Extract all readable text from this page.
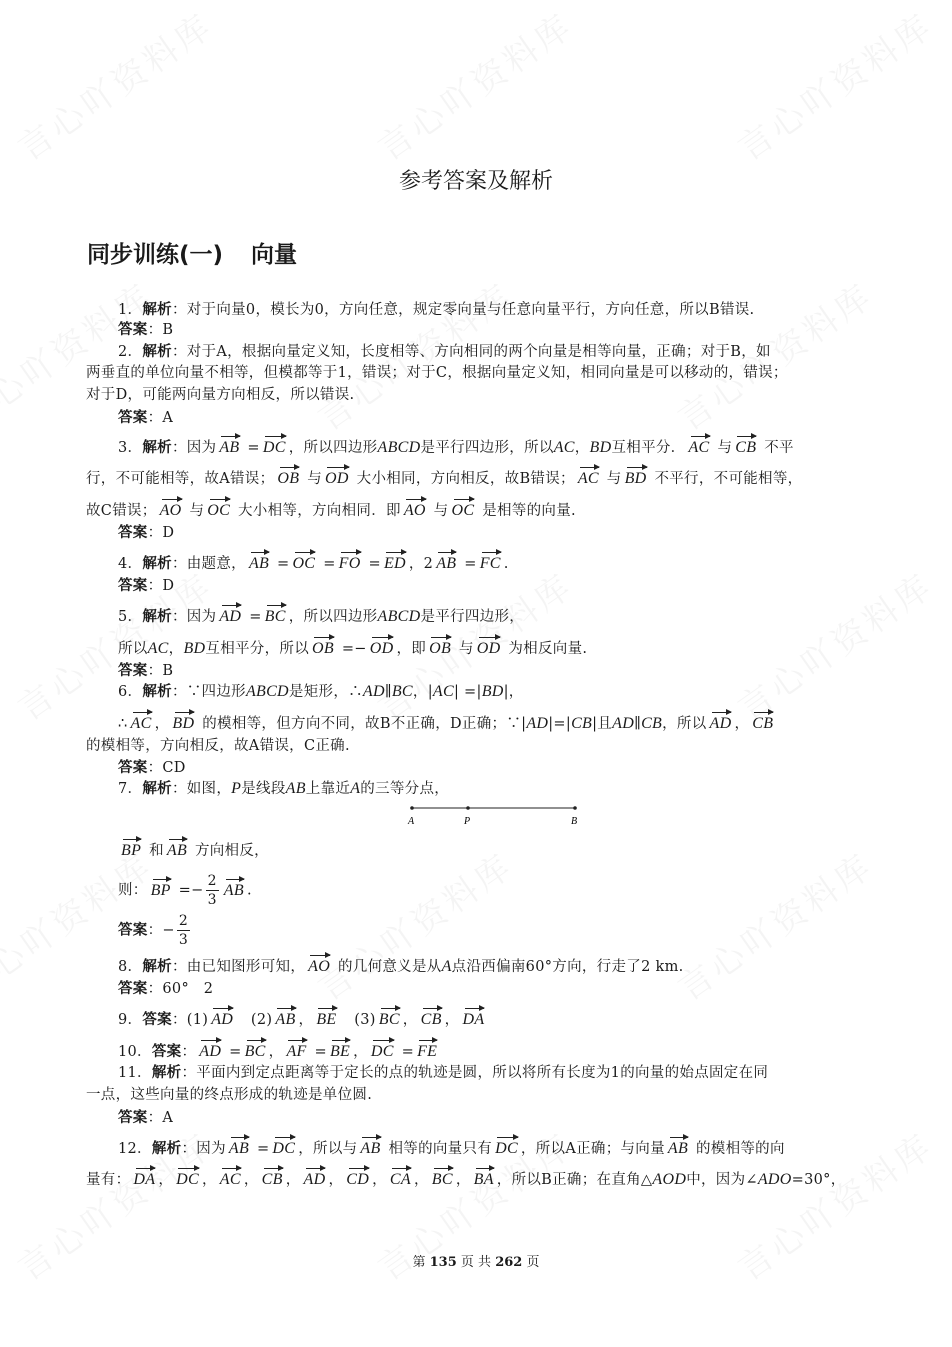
参考答案及解析
同步训练(一) 向量
1．解析：对于向量0，模长为0，方向任意，规定零向量与任意向量平行，方向任意，所以B错误.
答案：B
2．解析：对于A，根据向量定义知，长度相等、方向相同的两个向量是相等向量，正确；对于B，如
两垂直的单位向量不相等，但模都等于1，错误；对于C，根据向量定义知，相同向量是可以移动的，错误；
对于D，可能两向量方向相反，所以错误.
答案：A
3．解析：因为 AB = DC ，所以四边形ABCD是平行四边形，所以AC，BD互相平分． AC 与 CB 不平
行，不可能相等，故A错误； OB 与 OD 大小相同，方向相反，故B错误； AC 与 BD 不平行，不可能相等，
故C错误； AO 与 OC 大小相等，方向相同．即 AO 与 OC 是相等的向量.
答案：D
4．解析：由题意， AB = OC = FO = ED ，2 AB = FC .
答案：D
5．解析：因为 AD = BC ，所以四边形ABCD是平行四边形，
所以AC，BD互相平分，所以 OB =− OD ，即 OB 与 OD 为相反向量.
答案：B
6．解析：∵四边形ABCD是矩形，∴AD∥BC，|AC| =|BD|，
∴ AC ， BD 的模相等，但方向不同，故B不正确，D正确；∵|AD|=|CB|且AD∥CB，所以 AD ， CB
的模相等，方向相反，故A错误，C正确.
答案：CD
7．解析：如图，P是线段AB上靠近A的三等分点，
BP 和 AB 方向相反，
则： BP =− $\frac{2}{3}$ AB .
答案：− $\frac{2}{3}$
8．解析：由已知图形可知， AO 的几何意义是从A点沿西偏南60°方向，行走了2 km.
答案：60°　2
9．答案：(1) AD　(2) AB ， BE　(3) BC ， CB ， DA
10．答案： AD = BC ， AF = BE ， DC = FE
11．解析：平面内到定点距离等于定长的点的轨迹是圆，所以将所有长度为1的向量的始点固定在同
一点，这些向量的终点形成的轨迹是单位圆.
答案：A
12．解析：因为 AB = DC ，所以与 AB 相等的向量只有 DC ，所以A正确；与向量 AB 的模相等的向
量有： DA ， DC ， AC ， CB ， AD ， CD ， CA ， BC ， BA ，所以B正确；在直角△AOD中，因为∠ADO=30°，
A	P	B
第 135 页 共 262 页
